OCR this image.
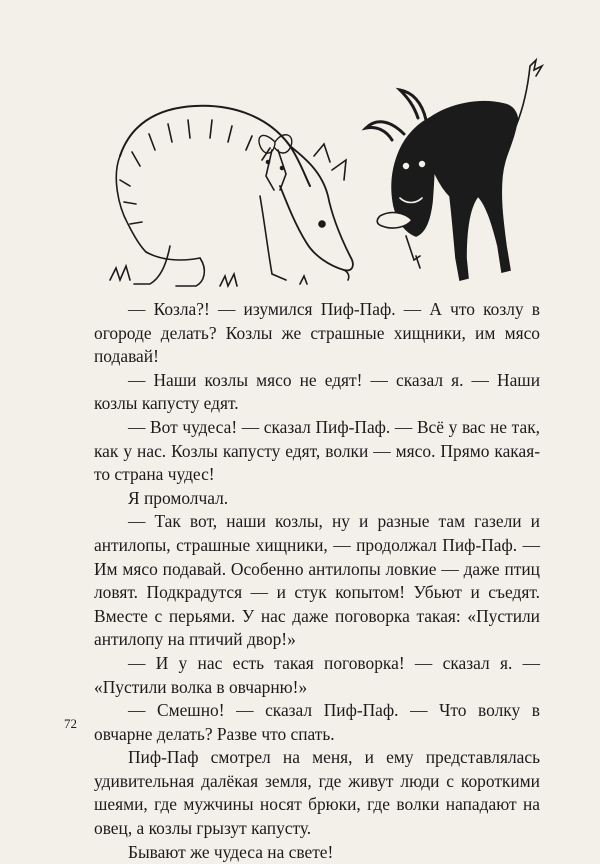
— Козла?! — изумился Пиф-Паф. — А что козлу в огороде делать? Козлы же страшные хищники, им мясо подавай!

— Наши козлы мясо не едят! — сказал я. — Наши козлы капусту едят.

— Вот чудеса! — сказал Пиф-Паф. — Всё у вас не так, как у нас. Козлы капусту едят, волки — мясо. Прямо какая-то страна чудес!

Я промолчал.

— Так вот, наши козлы, ну и разные там газели и антилопы, страшные хищники, — продолжал Пиф-Паф. — Им мясо подавай. Особенно антилопы ловкие — даже птиц ловят. Подкрадутся — и стук копытом! Убьют и съедят. Вместе с перьями. У нас даже поговорка такая: «Пустили антилопу на птичий двор!»

— И у нас есть такая поговорка! — сказал я. — «Пустили волка в овчарню!»

— Смешно! — сказал Пиф-Паф. — Что волку в овчарне делать? Разве что спать.

Пиф-Паф смотрел на меня, и ему представлялась удивительная далёкая земля, где живут люди с короткими шеями, где мужчины носят брюки, где волки нападают на овец, а козлы грызут капусту.

Бывают же чудеса на свете!

72
